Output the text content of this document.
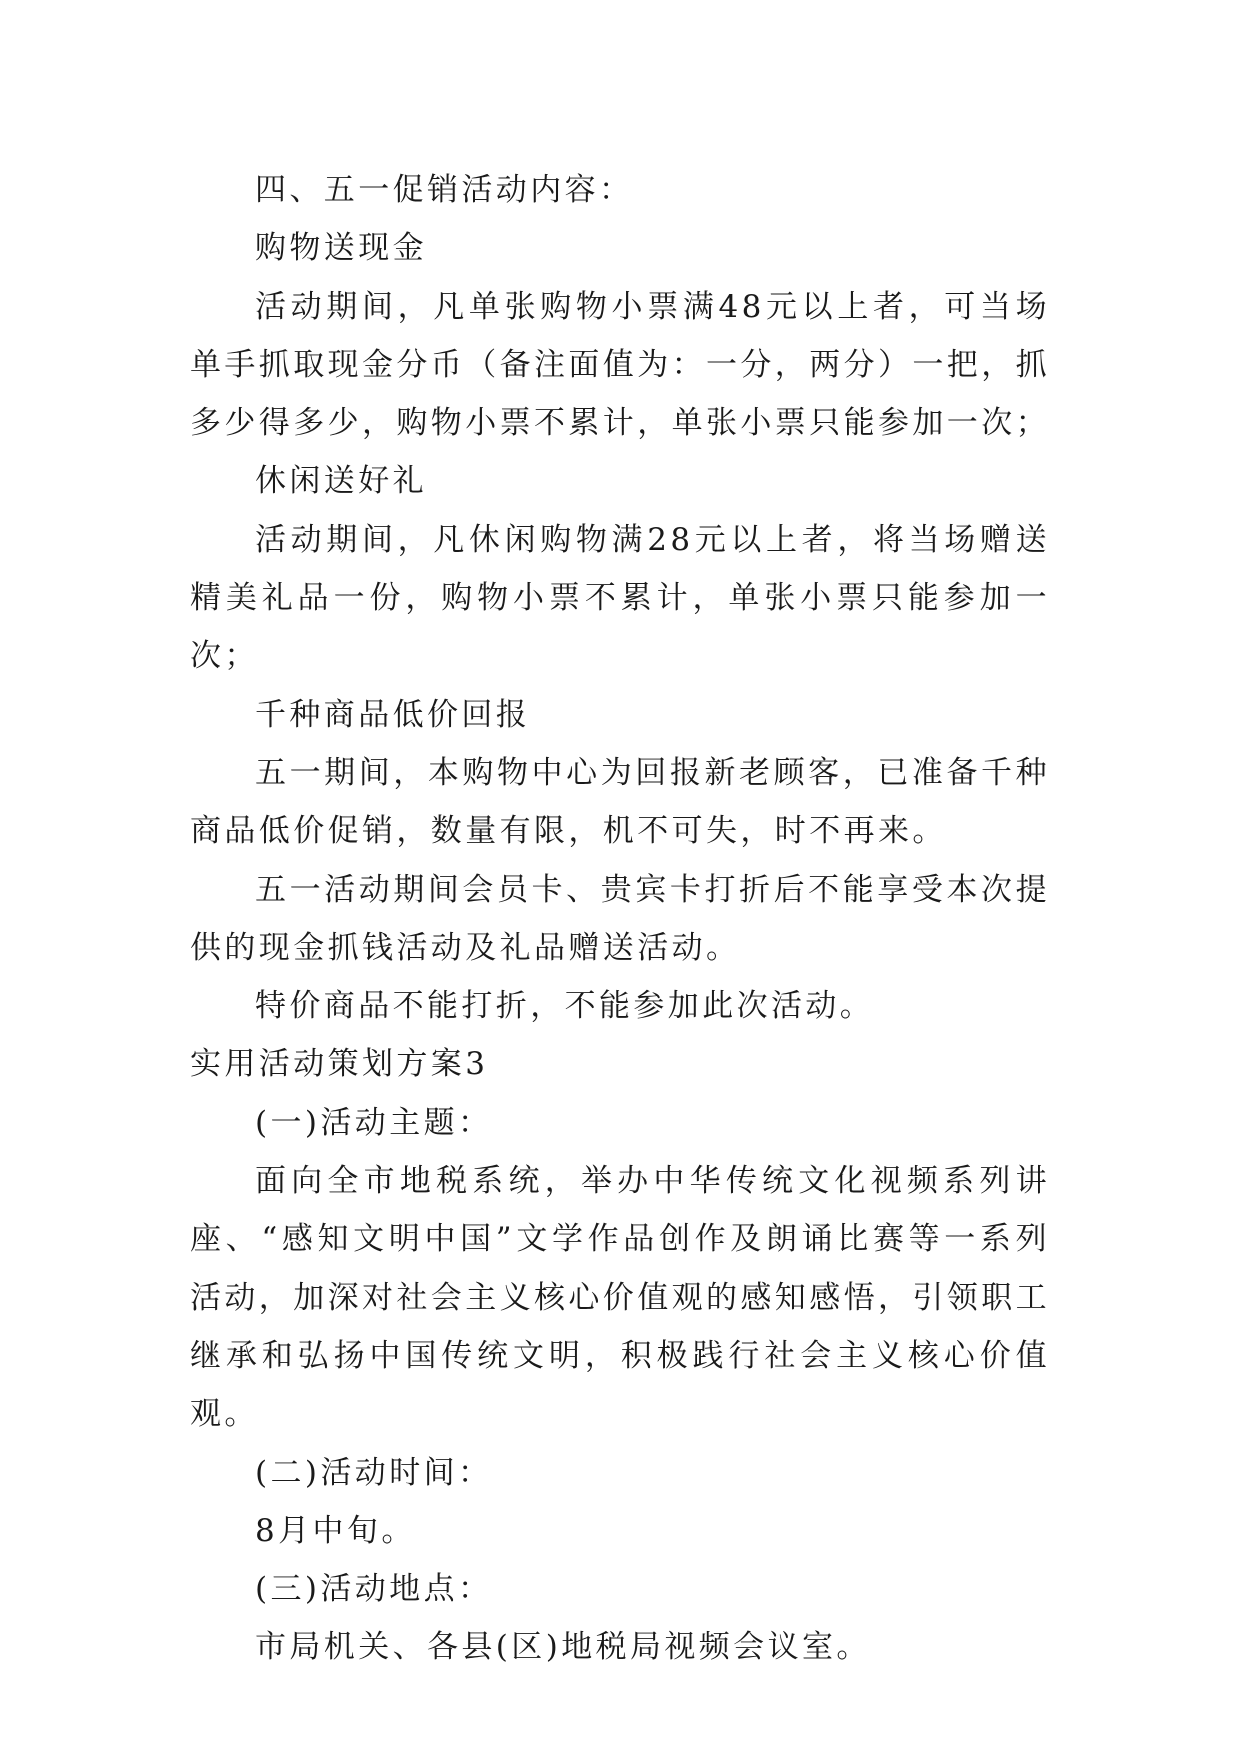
四、五一促销活动内容：

购物送现金

活动期间，凡单张购物小票满48元以上者，可当场单手抓取现金分币（备注面值为：一分，两分）一把，抓多少得多少，购物小票不累计，单张小票只能参加一次；

休闲送好礼

活动期间，凡休闲购物满28元以上者，将当场赠送精美礼品一份，购物小票不累计，单张小票只能参加一次；

千种商品低价回报

五一期间，本购物中心为回报新老顾客，已准备千种商品低价促销，数量有限，机不可失，时不再来。

五一活动期间会员卡、贵宾卡打折后不能享受本次提供的现金抓钱活动及礼品赠送活动。

特价商品不能打折，不能参加此次活动。

实用活动策划方案3

(一)活动主题：

面向全市地税系统，举办中华传统文化视频系列讲座、“感知文明中国”文学作品创作及朗诵比赛等一系列活动，加深对社会主义核心价值观的感知感悟，引领职工继承和弘扬中国传统文明，积极践行社会主义核心价值观。

(二)活动时间：

8月中旬。

(三)活动地点：

市局机关、各县(区)地税局视频会议室。
